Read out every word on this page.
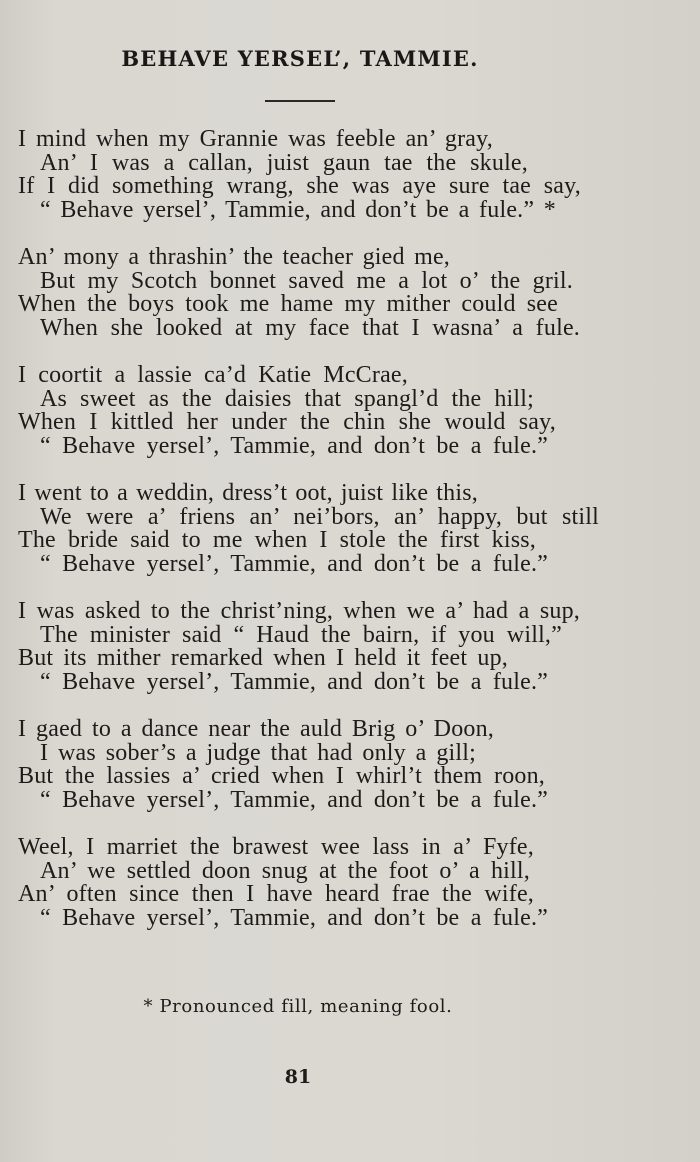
BEHAVE YERSEL’, TAMMIE.
I mind when my Grannie was feeble an’ gray,
An’ I was a callan, juist gaun tae the skule,
If I did something wrang, she was aye sure tae say,
“ Behave yersel’, Tammie, and don’t be a fule.” *
An’ mony a thrashin’ the teacher gied me,
But my Scotch bonnet saved me a lot o’ the gril.
When the boys took me hame my mither could see
When she looked at my face that I wasna’ a fule.
I coortit a lassie ca’d Katie McCrae,
As sweet as the daisies that spangl’d the hill;
When I kittled her under the chin she would say,
“ Behave yersel’, Tammie, and don’t be a fule.”
I went to a weddin, dress’t oot, juist like this,
We were a’ friens an’ nei’bors, an’ happy, but still
The bride said to me when I stole the first kiss,
“ Behave yersel’, Tammie, and don’t be a fule.”
I was asked to the christ’ning, when we a’ had a sup,
The minister said “ Haud the bairn, if you will,”
But its mither remarked when I held it feet up,
“ Behave yersel’, Tammie, and don’t be a fule.”
I gaed to a dance near the auld Brig o’ Doon,
I was sober’s a judge that had only a gill;
But the lassies a’ cried when I whirl’t them roon,
“ Behave yersel’, Tammie, and don’t be a fule.”
Weel, I marriet the brawest wee lass in a’ Fyfe,
An’ we settled doon snug at the foot o’ a hill,
An’ often since then I have heard frae the wife,
“ Behave yersel’, Tammie, and don’t be a fule.”
* Pronounced fill, meaning fool.
81
